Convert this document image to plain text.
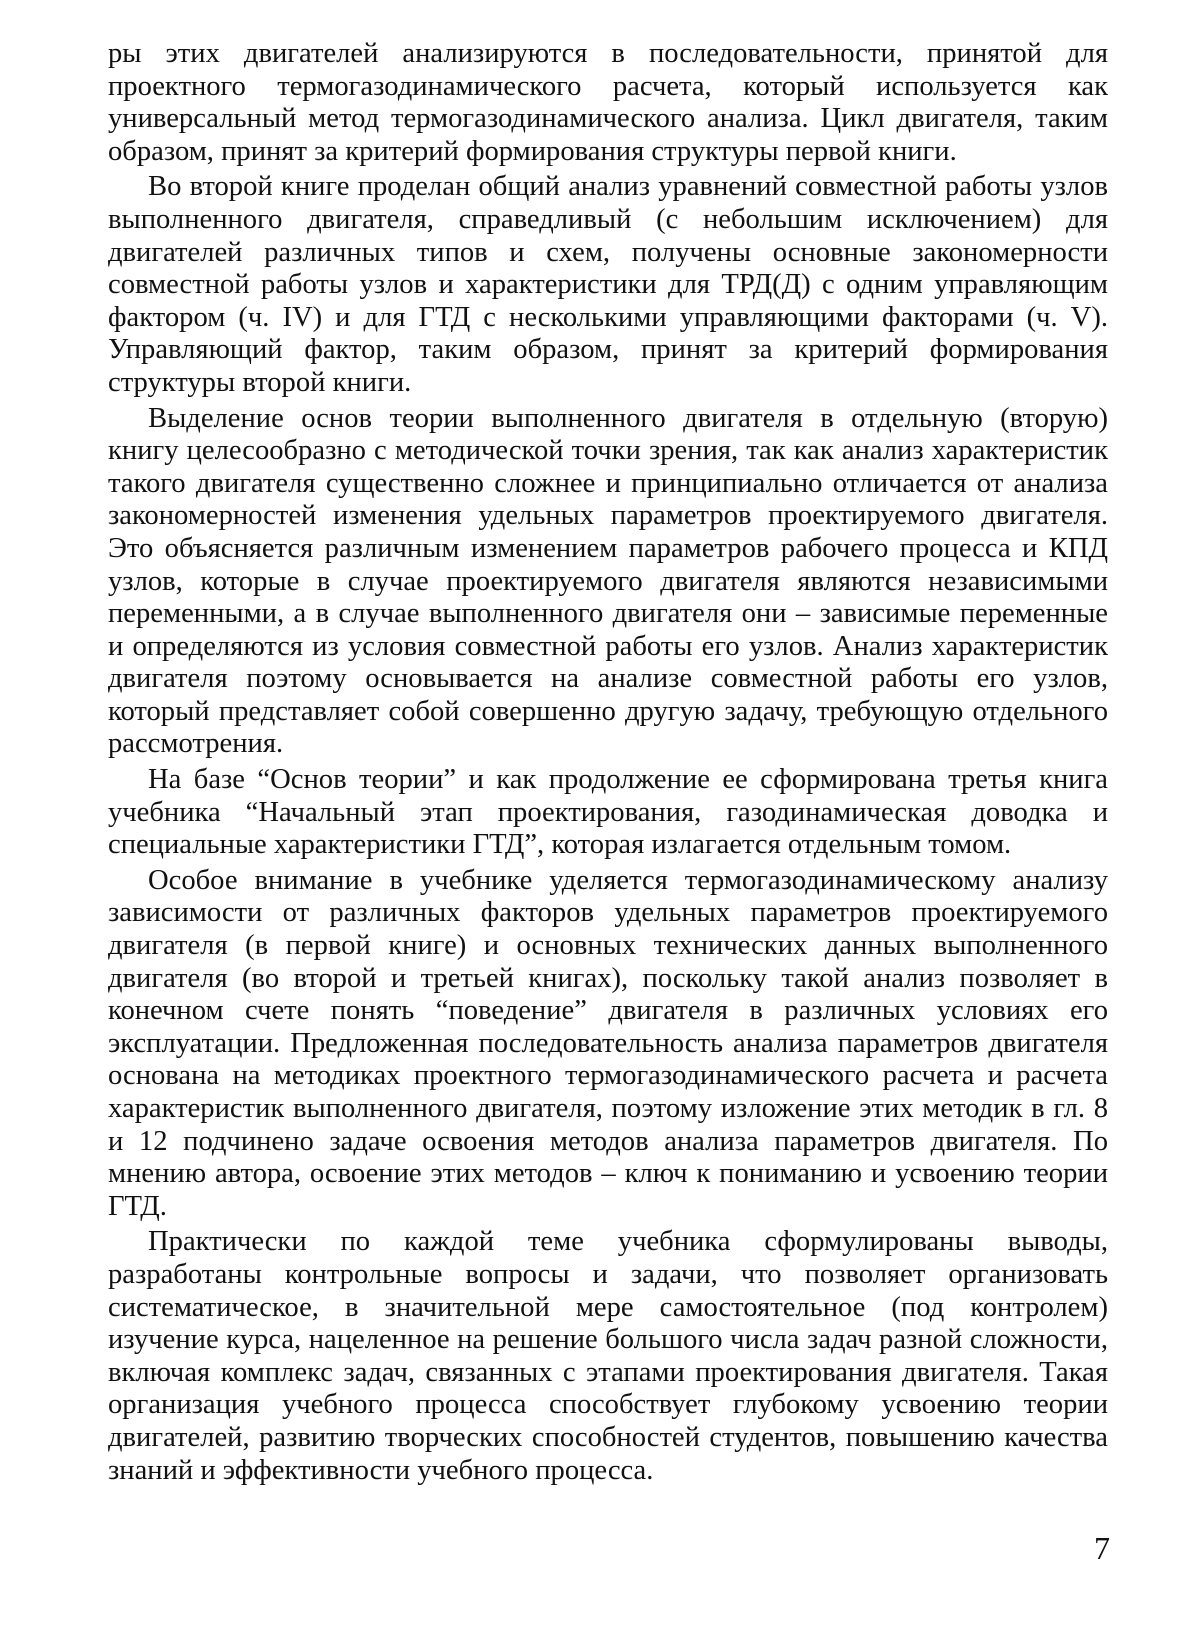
ры этих двигателей анализируются в последовательности, принятой для проектного термогазодинамического расчета, который используется как универсальный метод термогазодинамического анализа. Цикл двигателя, таким образом, принят за критерий формирования структуры первой книги.

Во второй книге проделан общий анализ уравнений совместной работы узлов выполненного двигателя, справедливый (с небольшим исключением) для двигателей различных типов и схем, получены основные закономерности совместной работы узлов и характеристики для ТРД(Д) с одним управляющим фактором (ч. IV) и для ГТД с несколькими управляющими факторами (ч. V). Управляющий фактор, таким образом, принят за критерий формирования структуры второй книги.

Выделение основ теории выполненного двигателя в отдельную (вторую) книгу целесообразно с методической точки зрения, так как анализ характеристик такого двигателя существенно сложнее и принципиально отличается от анализа закономерностей изменения удельных параметров проектируемого двигателя. Это объясняется различным изменением параметров рабочего процесса и КПД узлов, которые в случае проектируемого двигателя являются независимыми переменными, а в случае выполненного двигателя они – зависимые переменные и определяются из условия совместной работы его узлов. Анализ характеристик двигателя поэтому основывается на анализе совместной работы его узлов, который представляет собой совершенно другую задачу, требующую отдельного рассмотрения.

На базе “Основ теории” и как продолжение ее сформирована третья книга учебника “Начальный этап проектирования, газодинамическая доводка и специальные характеристики ГТД”, которая излагается отдельным томом.

Особое внимание в учебнике уделяется термогазодинамическому анализу зависимости от различных факторов удельных параметров проектируемого двигателя (в первой книге) и основных технических данных выполненного двигателя (во второй и третьей книгах), поскольку такой анализ позволяет в конечном счете понять “поведение” двигателя в различных условиях его эксплуатации. Предложенная последовательность анализа параметров двигателя основана на методиках проектного термогазодинамического расчета и расчета характеристик выполненного двигателя, поэтому изложение этих методик в гл. 8 и 12 подчинено задаче освоения методов анализа параметров двигателя. По мнению автора, освоение этих методов – ключ к пониманию и усвоению теории ГТД.

Практически по каждой теме учебника сформулированы выводы, разработаны контрольные вопросы и задачи, что позволяет организовать систематическое, в значительной мере самостоятельное (под контролем) изучение курса, нацеленное на решение большого числа задач разной сложности, включая комплекс задач, связанных с этапами проектирования двигателя. Такая организация учебного процесса способствует глубокому усвоению теории двигателей, развитию творческих способностей студентов, повышению качества знаний и эффективности учебного процесса.

7
